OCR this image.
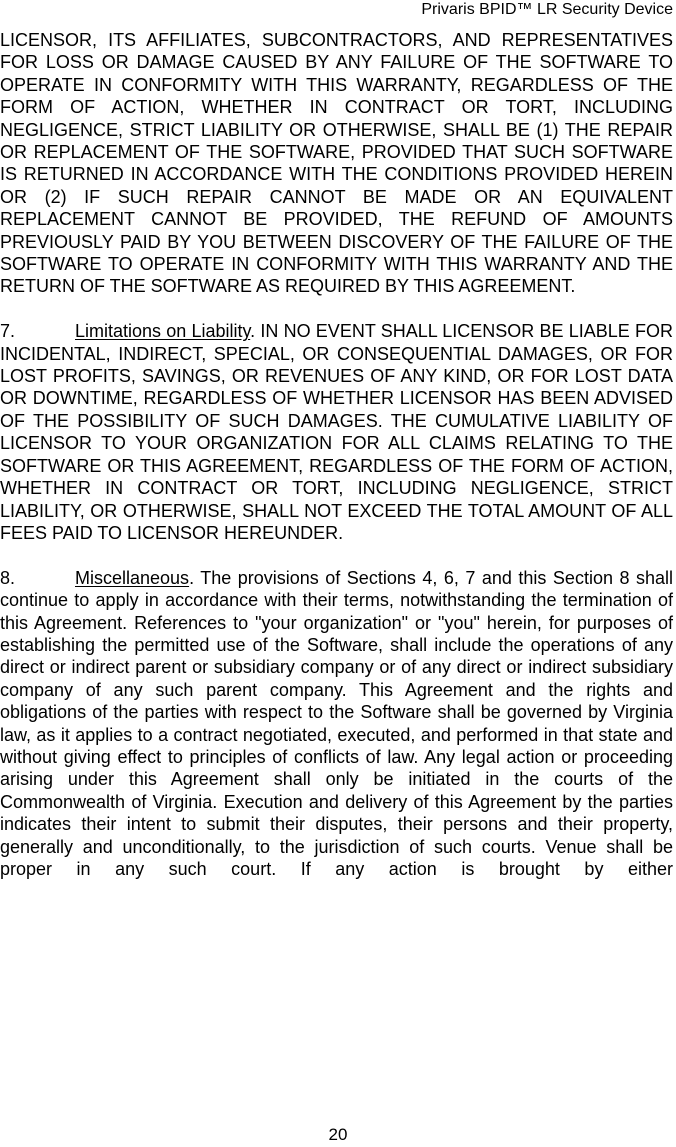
Privaris BPID™ LR Security Device

LICENSOR, ITS AFFILIATES, SUBCONTRACTORS, AND REPRESENTATIVES FOR LOSS OR DAMAGE CAUSED BY ANY FAILURE OF THE SOFTWARE TO OPERATE IN CONFORMITY WITH THIS WARRANTY, REGARDLESS OF THE FORM OF ACTION, WHETHER IN CONTRACT OR TORT, INCLUDING NEGLIGENCE, STRICT LIABILITY OR OTHERWISE, SHALL BE (1) THE REPAIR OR REPLACEMENT OF THE SOFTWARE, PROVIDED THAT SUCH SOFTWARE IS RETURNED IN ACCORDANCE WITH THE CONDITIONS PROVIDED HEREIN OR (2) IF SUCH REPAIR CANNOT BE MADE OR AN EQUIVALENT REPLACEMENT CANNOT BE PROVIDED, THE REFUND OF AMOUNTS PREVIOUSLY PAID BY YOU BETWEEN DISCOVERY OF THE FAILURE OF THE SOFTWARE TO OPERATE IN CONFORMITY WITH THIS WARRANTY AND THE RETURN OF THE SOFTWARE AS REQUIRED BY THIS AGREEMENT.

7.	Limitations on Liability. IN NO EVENT SHALL LICENSOR BE LIABLE FOR INCIDENTAL, INDIRECT, SPECIAL, OR CONSEQUENTIAL DAMAGES, OR FOR LOST PROFITS, SAVINGS, OR REVENUES OF ANY KIND, OR FOR LOST DATA OR DOWNTIME, REGARDLESS OF WHETHER LICENSOR HAS BEEN ADVISED OF THE POSSIBILITY OF SUCH DAMAGES. THE CUMULATIVE LIABILITY OF LICENSOR TO YOUR ORGANIZATION FOR ALL CLAIMS RELATING TO THE SOFTWARE OR THIS AGREEMENT, REGARDLESS OF THE FORM OF ACTION, WHETHER IN CONTRACT OR TORT, INCLUDING NEGLIGENCE, STRICT LIABILITY, OR OTHERWISE, SHALL NOT EXCEED THE TOTAL AMOUNT OF ALL FEES PAID TO LICENSOR HEREUNDER.

8.	Miscellaneous. The provisions of Sections 4, 6, 7 and this Section 8 shall continue to apply in accordance with their terms, notwithstanding the termination of this Agreement. References to "your organization" or "you" herein, for purposes of establishing the permitted use of the Software, shall include the operations of any direct or indirect parent or subsidiary company or of any direct or indirect subsidiary company of any such parent company. This Agreement and the rights and obligations of the parties with respect to the Software shall be governed by Virginia law, as it applies to a contract negotiated, executed, and performed in that state and without giving effect to principles of conflicts of law. Any legal action or proceeding arising under this Agreement shall only be initiated in the courts of the Commonwealth of Virginia. Execution and delivery of this Agreement by the parties indicates their intent to submit their disputes, their persons and their property, generally and unconditionally, to the jurisdiction of such courts. Venue shall be proper in any such court. If any action is brought by either

20
